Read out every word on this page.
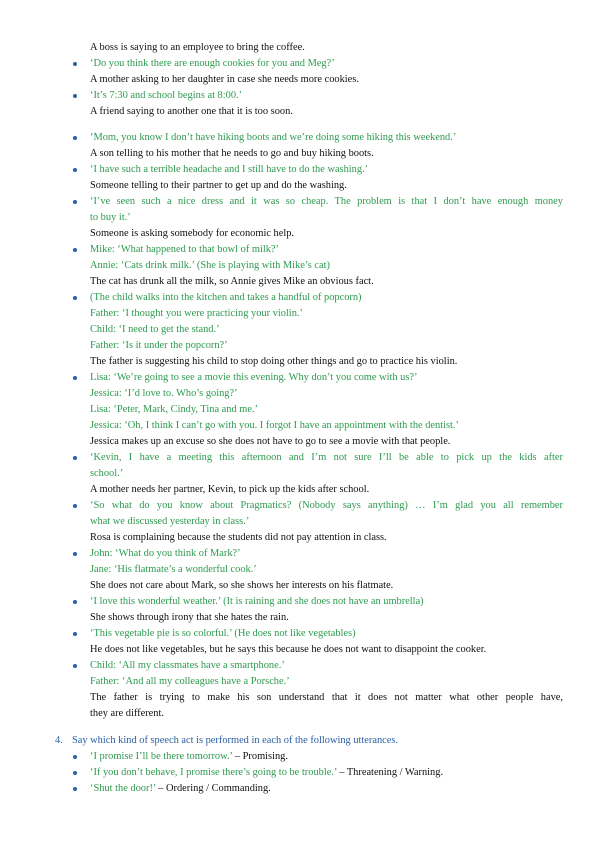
A boss is saying to an employee to bring the coffee.
‘Do you think there are enough cookies for you and Meg?’
A mother asking to her daughter in case she needs more cookies.
‘It’s 7:30 and school begins at 8:00.’
A friend saying to another one that it is too soon.
‘Mom, you know I don’t have hiking boots and we’re doing some hiking this weekend.’
A son telling to his mother that he needs to go and buy hiking boots.
‘I have such a terrible headache and I still have to do the washing.’
Someone telling to their partner to get up and do the washing.
‘I’ve seen such a nice dress and it was so cheap. The problem is that I don’t have enough money
to buy it.’
Someone is asking somebody for economic help.
Mike: ‘What happened to that bowl of milk?’
Annie: ‘Cats drink milk.’ (She is playing with Mike’s cat)
The cat has drunk all the milk, so Annie gives Mike an obvious fact.
(The child walks into the kitchen and takes a handful of popcorn)
Father: ‘I thought you were practicing your violin.’
Child: ‘I need to get the stand.’
Father: ‘Is it under the popcorn?’
The father is suggesting his child to stop doing other things and go to practice his violin.
Lisa: ‘We’re going to see a movie this evening. Why don’t you come with us?’
Jessica: ‘I’d love to. Who’s going?’
Lisa: ‘Peter, Mark, Cindy, Tina and me.’
Jessica: ‘Oh, I think I can’t go with you. I forgot I have an appointment with the dentist.’
Jessica makes up an excuse so she does not have to go to see a movie with that people.
‘Kevin, I have a meeting this afternoon and I’m not sure I’ll be able to pick up the kids after
school.’
A mother needs her partner, Kevin, to pick up the kids after school.
‘So what do you know about Pragmatics? (Nobody says anything) … I’m glad you all remember
what we discussed yesterday in class.’
Rosa is complaining because the students did not pay attention in class.
John: ‘What do you think of Mark?’
Jane: ‘His flatmate’s a wonderful cook.’
She does not care about Mark, so she shows her interests on his flatmate.
‘I love this wonderful weather.’ (It is raining and she does not have an umbrella)
She shows through irony that she hates the rain.
‘This vegetable pie is so colorful.’ (He does not like vegetables)
He does not like vegetables, but he says this because he does not want to disappoint the cooker.
Child: ‘All my classmates have a smartphone.’
Father: ‘And all my colleagues have a Porsche.’
The father is trying to make his son understand that it does not matter what other people have,
they are different.
4. Say which kind of speech act is performed in each of the following utterances.
‘I promise I’ll be there tomorrow.’ – Promising.
‘If you don’t behave, I promise there’s going to be trouble.’ – Threatening / Warning.
‘Shut the door!’ – Ordering / Commanding.
